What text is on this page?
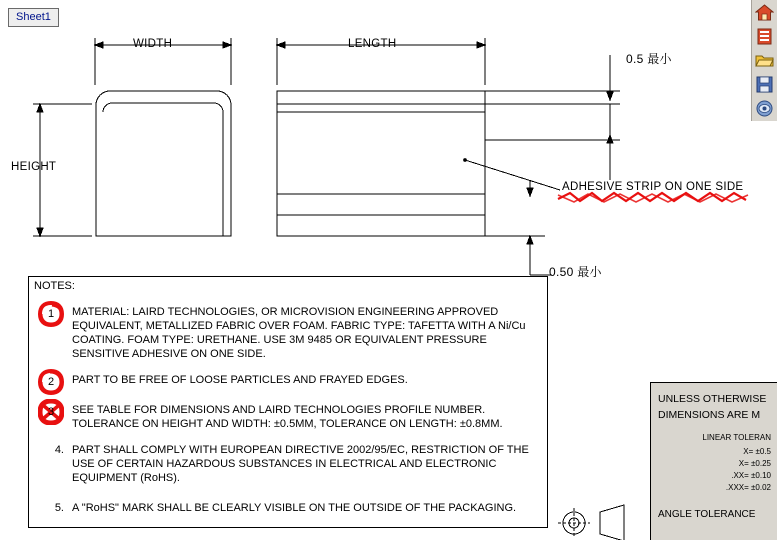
WIDTH	LENGTH
HEIGHT
0.5 最小
0.50 最小
ADHESIVE STRIP ON ONE SIDE
Sheet1
NOTES:
MATERIAL: LAIRD TECHNOLOGIES, OR MICROVISION ENGINEERING APPROVED EQUIVALENT, METALLIZED FABRIC OVER FOAM. FABRIC TYPE: TAFETTA WITH A Ni/Cu COATING. FOAM TYPE: URETHANE. USE 3M 9485 OR EQUIVALENT PRESSURE SENSITIVE ADHESIVE ON ONE SIDE.
PART TO BE FREE OF LOOSE PARTICLES AND FRAYED EDGES.
SEE TABLE FOR DIMENSIONS AND LAIRD TECHNOLOGIES PROFILE NUMBER. TOLERANCE ON HEIGHT AND WIDTH: ±0.5MM, TOLERANCE ON LENGTH: ±0.8MM.
4. PART SHALL COMPLY WITH EUROPEAN DIRECTIVE 2002/95/EC, RESTRICTION OF THE USE OF CERTAIN HAZARDOUS SUBSTANCES IN ELECTRICAL AND ELECTRONIC EQUIPMENT (RoHS).
5. A "RoHS" MARK SHALL BE CLEARLY VISIBLE ON THE OUTSIDE OF THE PACKAGING.
1
2
3
UNLESS OTHERWISE
DIMENSIONS ARE M
LINEAR TOLERAN
X= ±0.5
X= ±0.25
.XX= ±0.10
.XXX= ±0.02
ANGLE TOLERANCE
